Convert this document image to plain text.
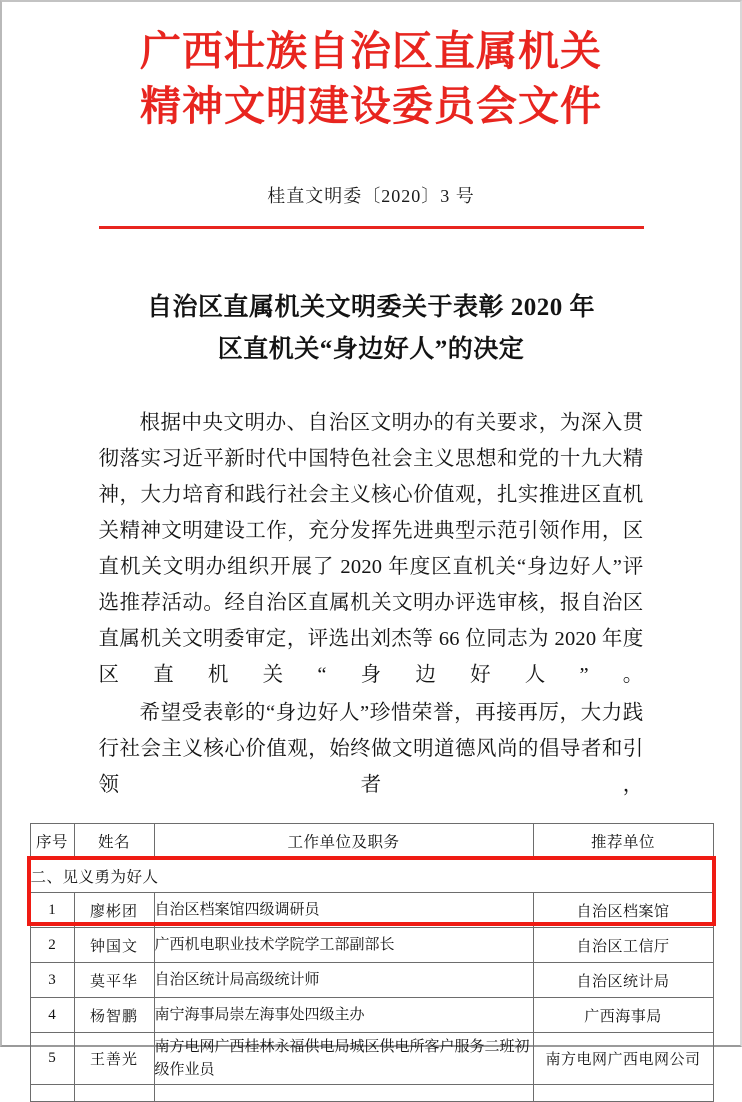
广西壮族自治区直属机关
精神文明建设委员会文件
桂直文明委〔2020〕3 号
自治区直属机关文明委关于表彰 2020 年
区直机关“身边好人”的决定

根据中央文明办、自治区文明办的有关要求，为深入贯彻落实习近平新时代中国特色社会主义思想和党的十九大精神，大力培育和践行社会主义核心价值观，扎实推进区直机关精神文明建设工作，充分发挥先进典型示范引领作用，区直机关文明办组织开展了 2020 年度区直机关“身边好人”评选推荐活动。经自治区直属机关文明办评选审核，报自治区直属机关文明委审定，评选出刘杰等 66 位同志为 2020 年度区直机关“身边好人”。

希望受表彰的“身边好人”珍惜荣誉，再接再厉，大力践行社会主义核心价值观，始终做文明道德风尚的倡导者和引领者，

序号	姓名	工作单位及职务	推荐单位
二、见义勇为好人			
1	廖彬团	自治区档案馆四级调研员	自治区档案馆
2	钟国文	广西机电职业技术学院学工部副部长	自治区工信厅
3	莫平华	自治区统计局高级统计师	自治区统计局
4	杨智鹏	南宁海事局崇左海事处四级主办	广西海事局
5	王善光	南方电网广西桂林永福供电局城区供电所客户服务二班初级作业员	南方电网广西电网公司
